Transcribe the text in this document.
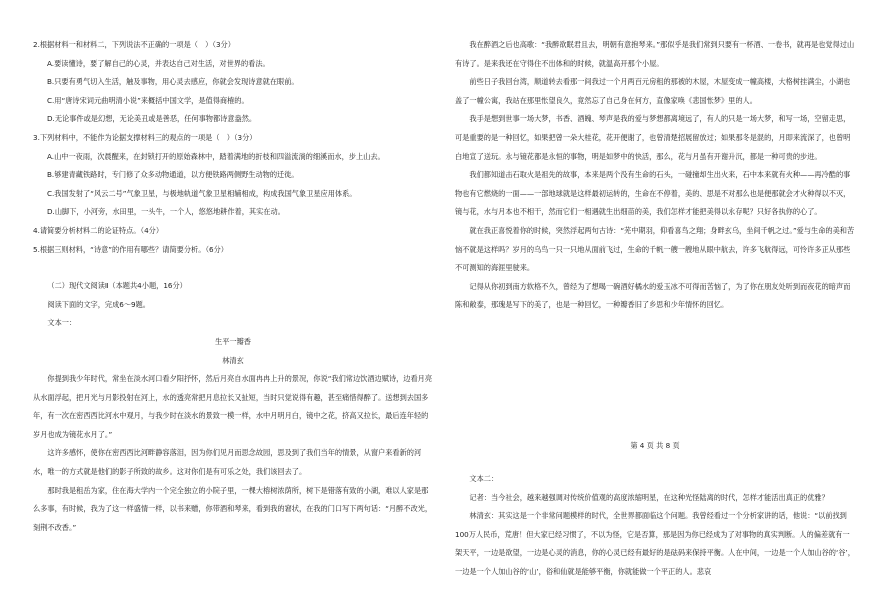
2.根据材料一和材料二，下列说法不正确的一项是（　）（3分）

A.要读懂诗，要了解自己的心灵，并表达自己对生活，对世界的看法。

B.只要有勇气切入生活，触及事物，用心灵去感应，你就会发现诗意就在眼前。

C.用“唐诗宋词元曲明清小说”来概括中国文学，是值得商榷的。

D.无论事件或是幻想，无论美丑或是善恶，任何事物都诗意盎然。

3.下列材料中，不能作为论据支撑材料三的观点的一项是（　）（3分）

A.山中一夜雨，次晨醒来，在封锁打开的原始森林中，踏着满地的折枝和四溢流淌的细溪而水，步上山去。

B.够建青藏铁路时，专门修了众多动物通道，以方便铁路两侧野生动物的迁徙。

C.我国发射了“风云二号”气象卫星，与极地轨道气象卫星相辅相成，构成我国气象卫星应用体系。

D.山脚下，小河旁，水田里，一头牛，一个人，悠悠地耕作着，其实在动。

4.请简要分析材料二的论证特点。（4分）

5.根据三则材料，“诗意”的作用有哪些？请简要分析。（6分）

（二）现代文阅读Ⅱ（本题共4小题，16分）

阅读下面的文字，完成6～9题。

文本一：

生平一瓣香

林清玄

你提到我少年时代，常坐在淡水河口看夕阳抒怀，然后月亮自水面冉冉上升的景况，你说“我们常边饮酒边赋诗，边看月亮从水面浮起，把月光与月影投射在河上，水的透亮常把月息拉长又扯短，当时只觉说得有趣，甚至痛惜得醉了。送想到去国多年，有一次在密西西比河水中观月，与我少时在淡水的景致一模一样，水中月明月白，镜中之花，挤高又拉长，最后连年轻的岁月也成为镜花水月了。”

这许多感怀，使你在密西西比河畔静容落泪，因为你们见月而思念故园，思及到了我们当年的情景，从窗户来看新的河水，唯一的方式就是他们的影子所致的故乡。这对你们是有可乐之处，我们该回去了。

那时我是租岳为家，住在海大学内一个完全独立的小院子里，一棵大榕树浓荫所，树下是错落有致的小湖，难以人家是那么多事，有时候，我为了这一样盛情一样，以书来赠，你带酒和琴来，看到我的窘状，在我的门口写下两句话：“月醉不改光，刻荆不改香。”

我在醉酒之后也高歌：“我醉欲眠君且去，明朝有意抱琴来。”那似乎是我们常到只要有一杯酒、一卷书，就再是也觉得过山有诗了。是来我还在守得住不出体和的时候，就温高开那个小屋。

前些日子我回台湾，顺道转去看那一间我过一个月两百元房租的那被的木屋，木屋变成一幢高楼，大格树挂满尘，小湖也盖了一幢公寓，我站在那里怅望良久，竟然忘了自己身在何方，直像家唤《悲国怅梦》里的人。

我手是想到世事一场大梦，书香、酒魄、琴声是我的爱与梦想都离境远了，有人的只是一场大梦，和写一场，空留走思，可是重要的是一种回忆，如果把曾一朵大桂花，花开便谢了，也曾清楚招展留放过；如果那冬是混的，月即来流深了，也曾明白地宣了送玩。永与镜花都是永恒的事物，明是如梦中的快活，那么，花与月虽有开谢升沉，都是一种可贵的步进。

我们都知道击石取火是祖先的故事，本来是两个没有生命的石头，一碰撞却生出火来，石中本来就有火种——再冷酷的事物也有它燃烧的一面——一部地球就是这样最初运转的，生命在不停着，美的、思是不对那么也是便那就会才火种得以不灭，镜与花，水与月本也不相干，然而它们一相遇就生出细苗的美，我们怎样才能把美得以永存呢？只好各执你的心了。

就在我正喜悦着你的时候，突然浮起两句古诗：“芜中期羽，仰看喜鸟之翔；身畔玄乌，坐间千帆之过。”爱与生命的美和苦恼不就是这样吗？岁月的乌鸟一只一只地从面前飞过，生命的千帆一艘一艘地从眼中航去，许多飞航得远，可怜许多正从那些不可测知的海涯里驶来。

记得从你初到南方软格不久，曾经为了想喝一碗酒好橘水的爱玉冰不可得而苦恼了，为了你在朋友处听到而夜花的暗声而陈和敞泰，那瑰是写下的美了，也是一种回忆，一种瓣香旧了乡思和少年情怀的回忆。

第 4 页 共 8 页

文本二：

记者：当今社会，越来越强调对传统价值观的高度浓缩明星，在这种光怪陆离的时代，怎样才能活出真正的优雅？

林清玄：其实这是一个非常问题模样的时代，全世界都面临这个问题。我曾经看过一个分析家讲的话，他说：“以前找到100万人民币，荒唐！但大家已经习惯了，不以为怪，它是否算，那是因为你已经成为了对事物的真实判断。人的偏差就有一架天平，一边是欲望，一边是心灵的消息，你的心灵已经有最好的是砝码来保持平衡。人在中间，一边是一个人加山谷的‘谷’，一边是一个人加山谷的‘山’，俗和仙就是能够平衡，你就能做一个平正的人。悲哀
